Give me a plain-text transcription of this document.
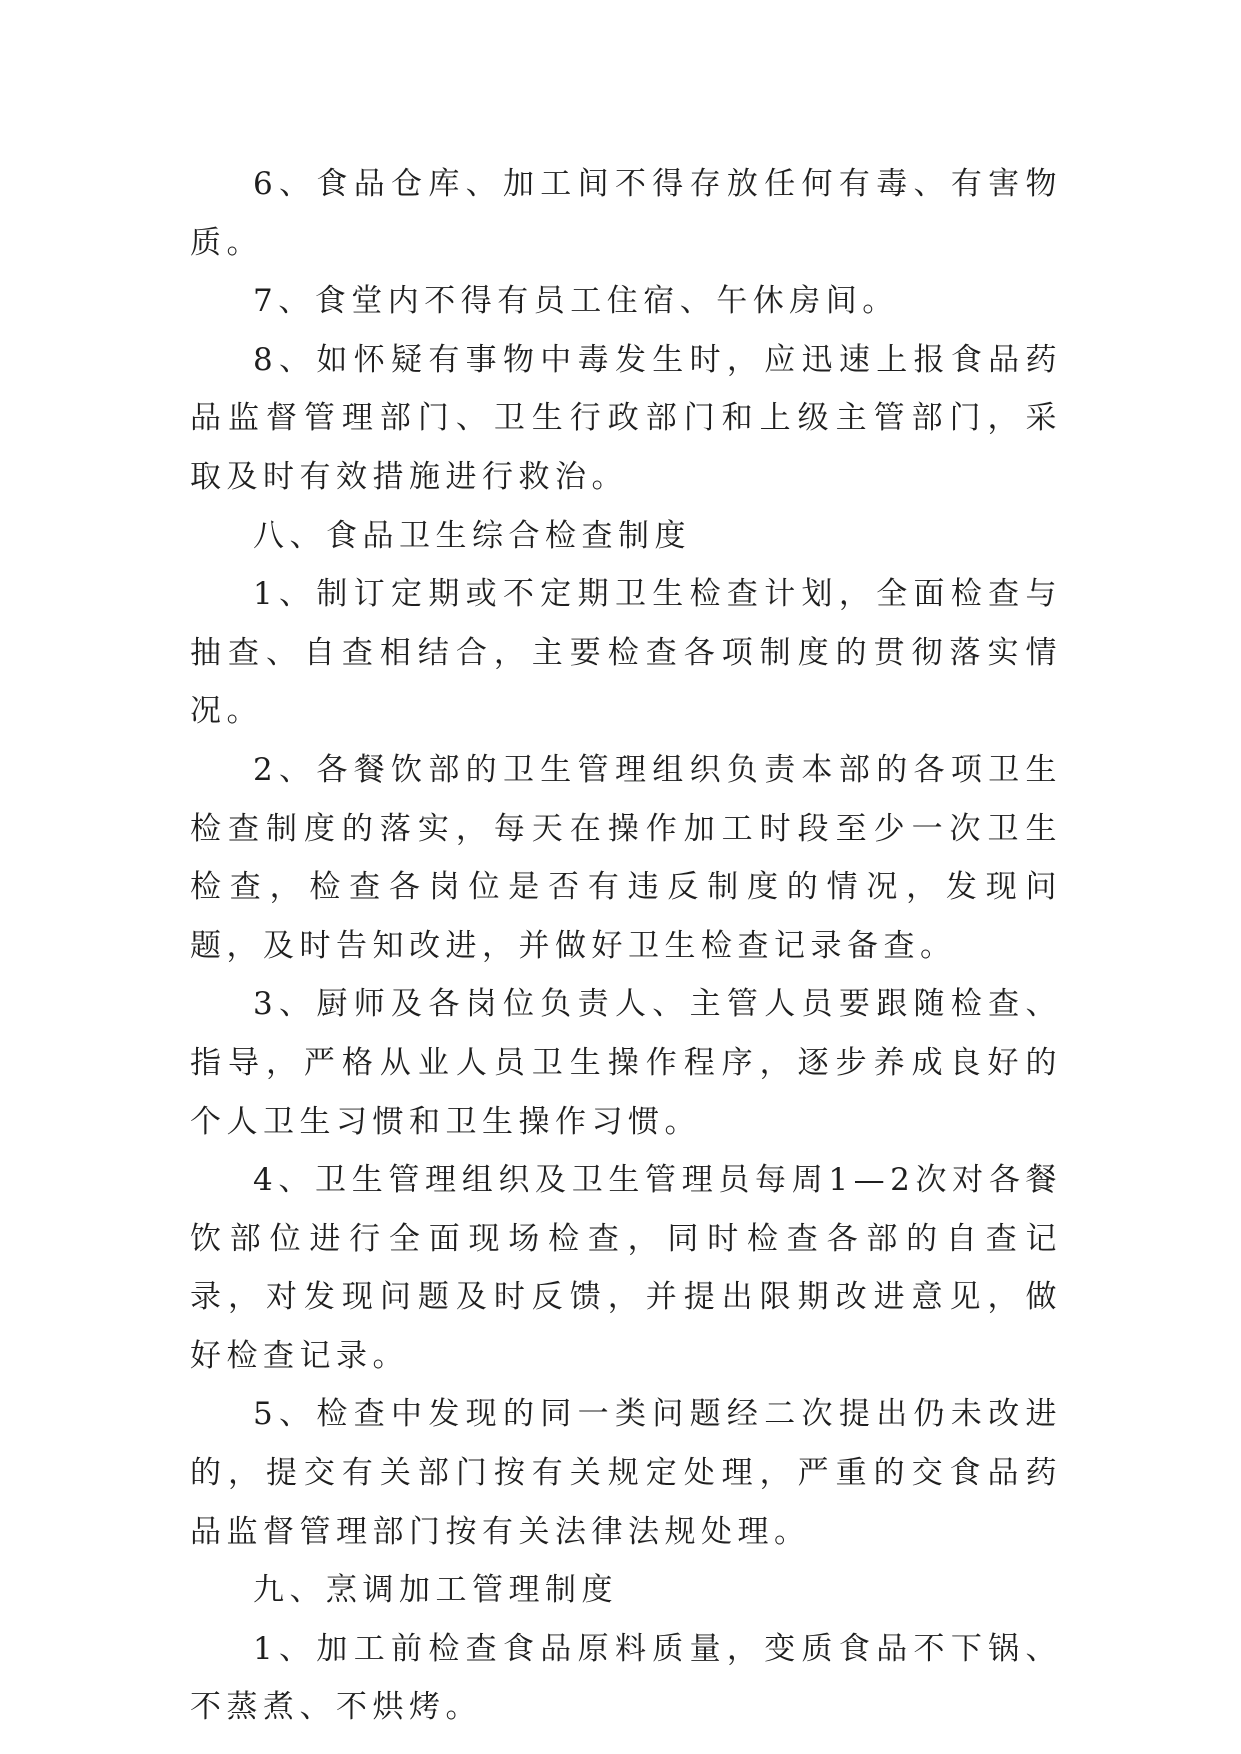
6、食品仓库、加工间不得存放任何有毒、有害物质。

7、食堂内不得有员工住宿、午休房间。

8、如怀疑有事物中毒发生时，应迅速上报食品药品监督管理部门、卫生行政部门和上级主管部门，采取及时有效措施进行救治。

八、食品卫生综合检查制度

1、制订定期或不定期卫生检查计划，全面检查与抽查、自查相结合，主要检查各项制度的贯彻落实情况。

2、各餐饮部的卫生管理组织负责本部的各项卫生检查制度的落实，每天在操作加工时段至少一次卫生检查，检查各岗位是否有违反制度的情况，发现问题，及时告知改进，并做好卫生检查记录备查。

3、厨师及各岗位负责人、主管人员要跟随检查、指导，严格从业人员卫生操作程序，逐步养成良好的个人卫生习惯和卫生操作习惯。

4、卫生管理组织及卫生管理员每周1—2次对各餐饮部位进行全面现场检查，同时检查各部的自查记录，对发现问题及时反馈，并提出限期改进意见，做好检查记录。

5、检查中发现的同一类问题经二次提出仍未改进的，提交有关部门按有关规定处理，严重的交食品药品监督管理部门按有关法律法规处理。

九、烹调加工管理制度

1、加工前检查食品原料质量，变质食品不下锅、不蒸煮、不烘烤。
